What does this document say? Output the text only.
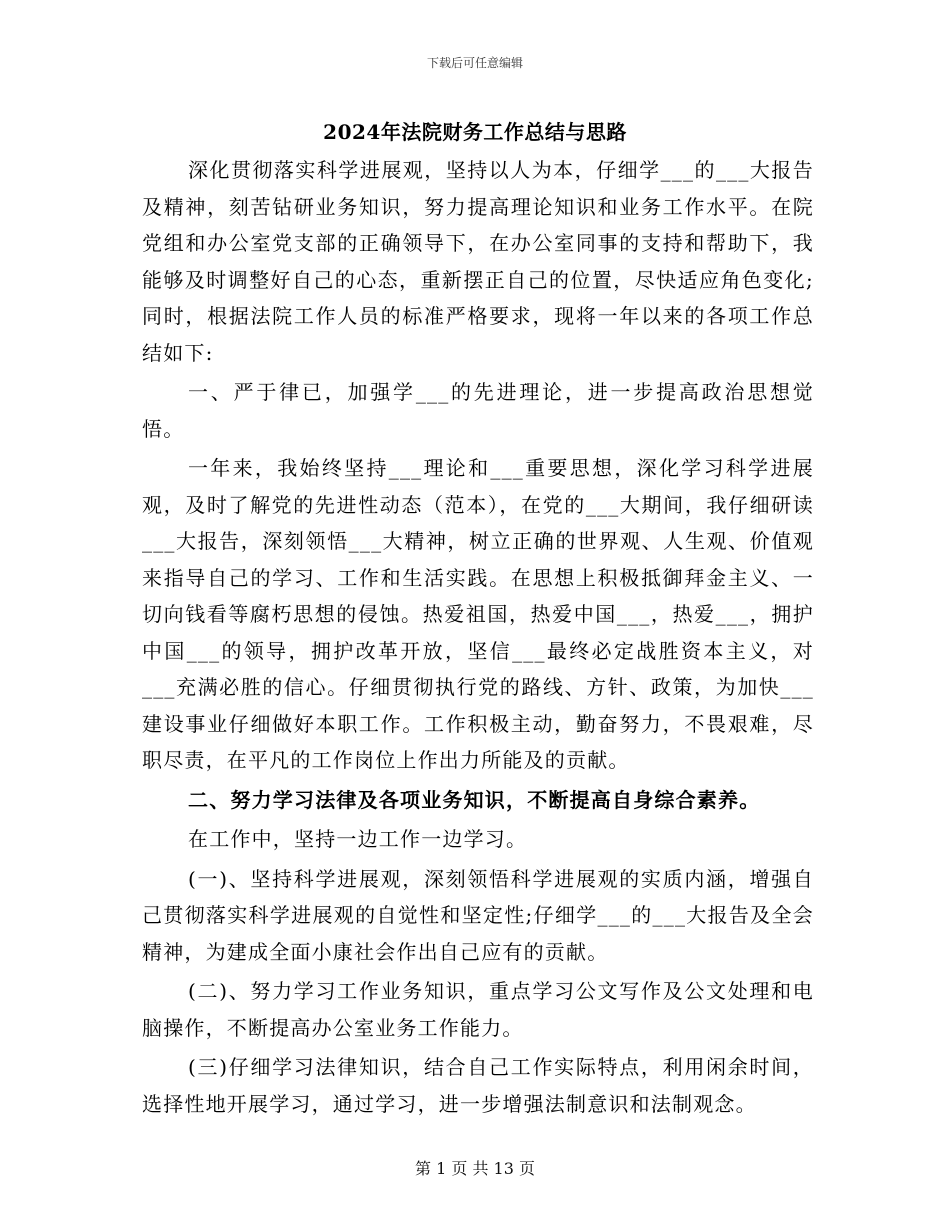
下载后可任意编辑
2024年法院财务工作总结与思路

深化贯彻落实科学进展观，坚持以人为本，仔细学___的___大报告及精神，刻苦钻研业务知识，努力提高理论知识和业务工作水平。在院党组和办公室党支部的正确领导下，在办公室同事的支持和帮助下，我能够及时调整好自己的心态，重新摆正自己的位置，尽快适应角色变化;同时，根据法院工作人员的标准严格要求，现将一年以来的各项工作总结如下:

一、严于律已，加强学___的先进理论，进一步提高政治思想觉悟。

一年来，我始终坚持___理论和___重要思想，深化学习科学进展观，及时了解党的先进性动态（范本），在党的___大期间，我仔细研读___大报告，深刻领悟___大精神，树立正确的世界观、人生观、价值观来指导自己的学习、工作和生活实践。在思想上积极抵御拜金主义、一切向钱看等腐朽思想的侵蚀。热爱祖国，热爱中国___，热爱___，拥护中国___的领导，拥护改革开放，坚信___最终必定战胜资本主义，对___充满必胜的信心。仔细贯彻执行党的路线、方针、政策，为加快___建设事业仔细做好本职工作。工作积极主动，勤奋努力，不畏艰难，尽职尽责，在平凡的工作岗位上作出力所能及的贡献。

二、努力学习法律及各项业务知识，不断提高自身综合素养。

在工作中，坚持一边工作一边学习。

(一)、坚持科学进展观，深刻领悟科学进展观的实质内涵，增强自己贯彻落实科学进展观的自觉性和坚定性;仔细学___的___大报告及全会精神，为建成全面小康社会作出自己应有的贡献。

(二)、努力学习工作业务知识，重点学习公文写作及公文处理和电脑操作，不断提高办公室业务工作能力。

(三)仔细学习法律知识，结合自己工作实际特点，利用闲余时间，选择性地开展学习，通过学习，进一步增强法制意识和法制观念。

第 1 页 共 13 页
